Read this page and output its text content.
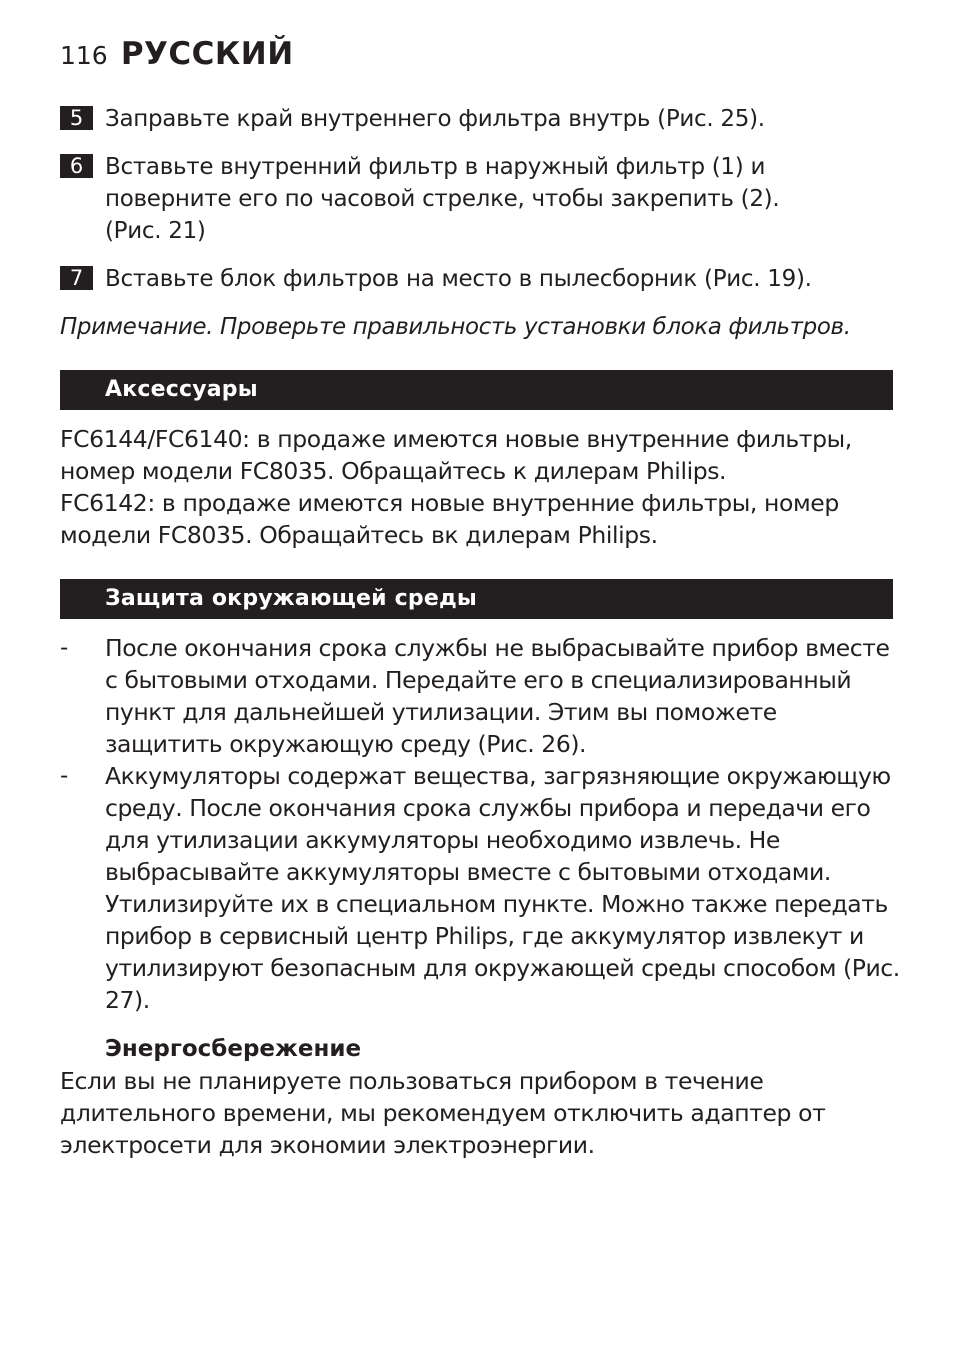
116 РУССКИЙ
5 Заправьте край внутреннего фильтра внутрь (Рис. 25).
6 Вставьте внутренний фильтр в наружный фильтр (1) и повернитe его по часовой стрелке, чтобы закрепить (2). (Рис. 21)
7 Вставьте блок фильтров на место в пылесборник (Рис. 19).
Примечание. Проверьте правильность установки блока фильтров.
Аксессуары

FC6144/FC6140: в продаже имеются новые внутренние фильтры, номер модели FC8035. Обращайтесь к дилерам Philips.

FC6142: в продаже имеются новые внутренние фильтры, номер модели FC8035. Обращайтесь вк дилерам Philips.

Защита окружающей среды
- После окончания срока службы не выбрасывайте прибор вместе с бытовыми отходами. Передайте его в специализированный пункт для дальнейшей утилизации. Этим вы поможете защитить окружающую среду (Рис. 26).
- Аккумуляторы содержат вещества, загрязняющие окружающую среду. После окончания срока службы прибора и передачи его для утилизации аккумуляторы необходимо извлечь. Не выбрасывайте аккумуляторы вместе с бытовыми отходами. Утилизируйте их в специальном пункте. Можно также передать прибор в сервисный центр Philips, где аккумулятор извлекут и утилизируют безопасным для окружающей среды способом (Рис. 27).
Энергосбережение

Если вы не планируете пользоваться прибором в течение длительного времени, мы рекомендуем отключить адаптер от электросети для экономии электроэнергии.
